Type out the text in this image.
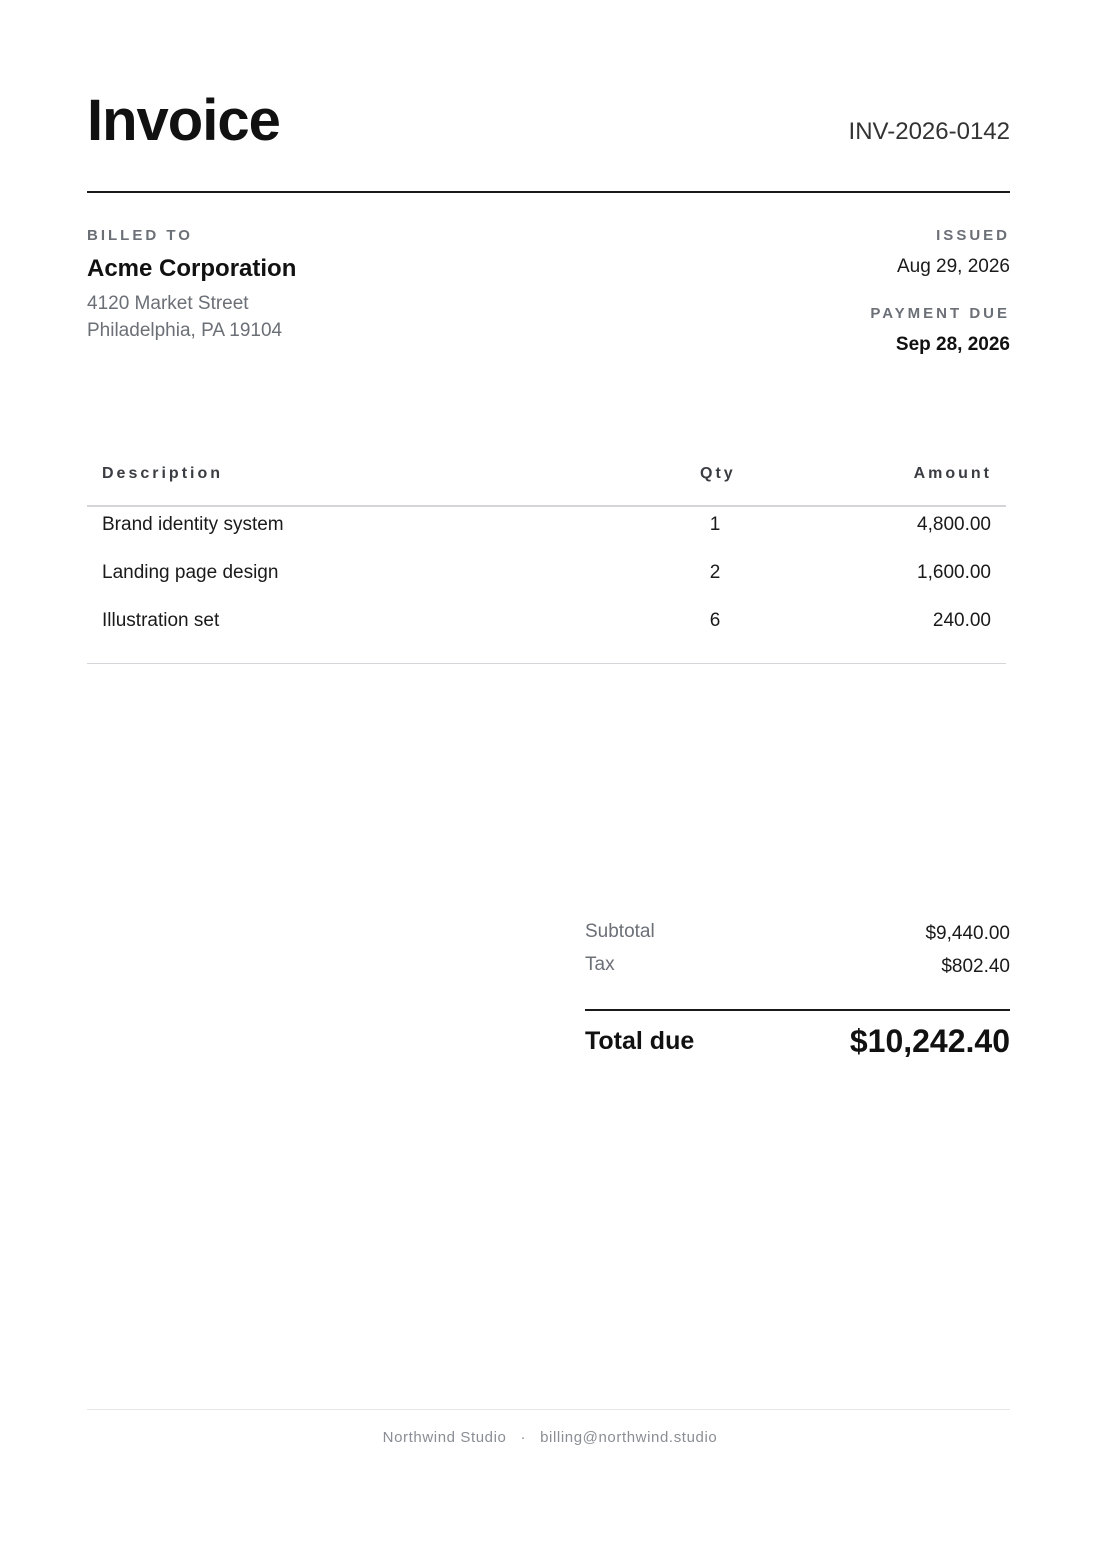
Invoice	INV-2026-0142
BILLED TO
Acme Corporation
4120 Market Street
Philadelphia, PA 19104
ISSUED
Aug 29, 2026
PAYMENT DUE
Sep 28, 2026
Description	Qty	Amount
Brand identity system	1	4,800.00
Landing page design	2	1,600.00
Illustration set	6	240.00
Subtotal	$9,440.00
Tax	$802.40
Total due	$10,242.40
Northwind Studio · billing@northwind.studio
